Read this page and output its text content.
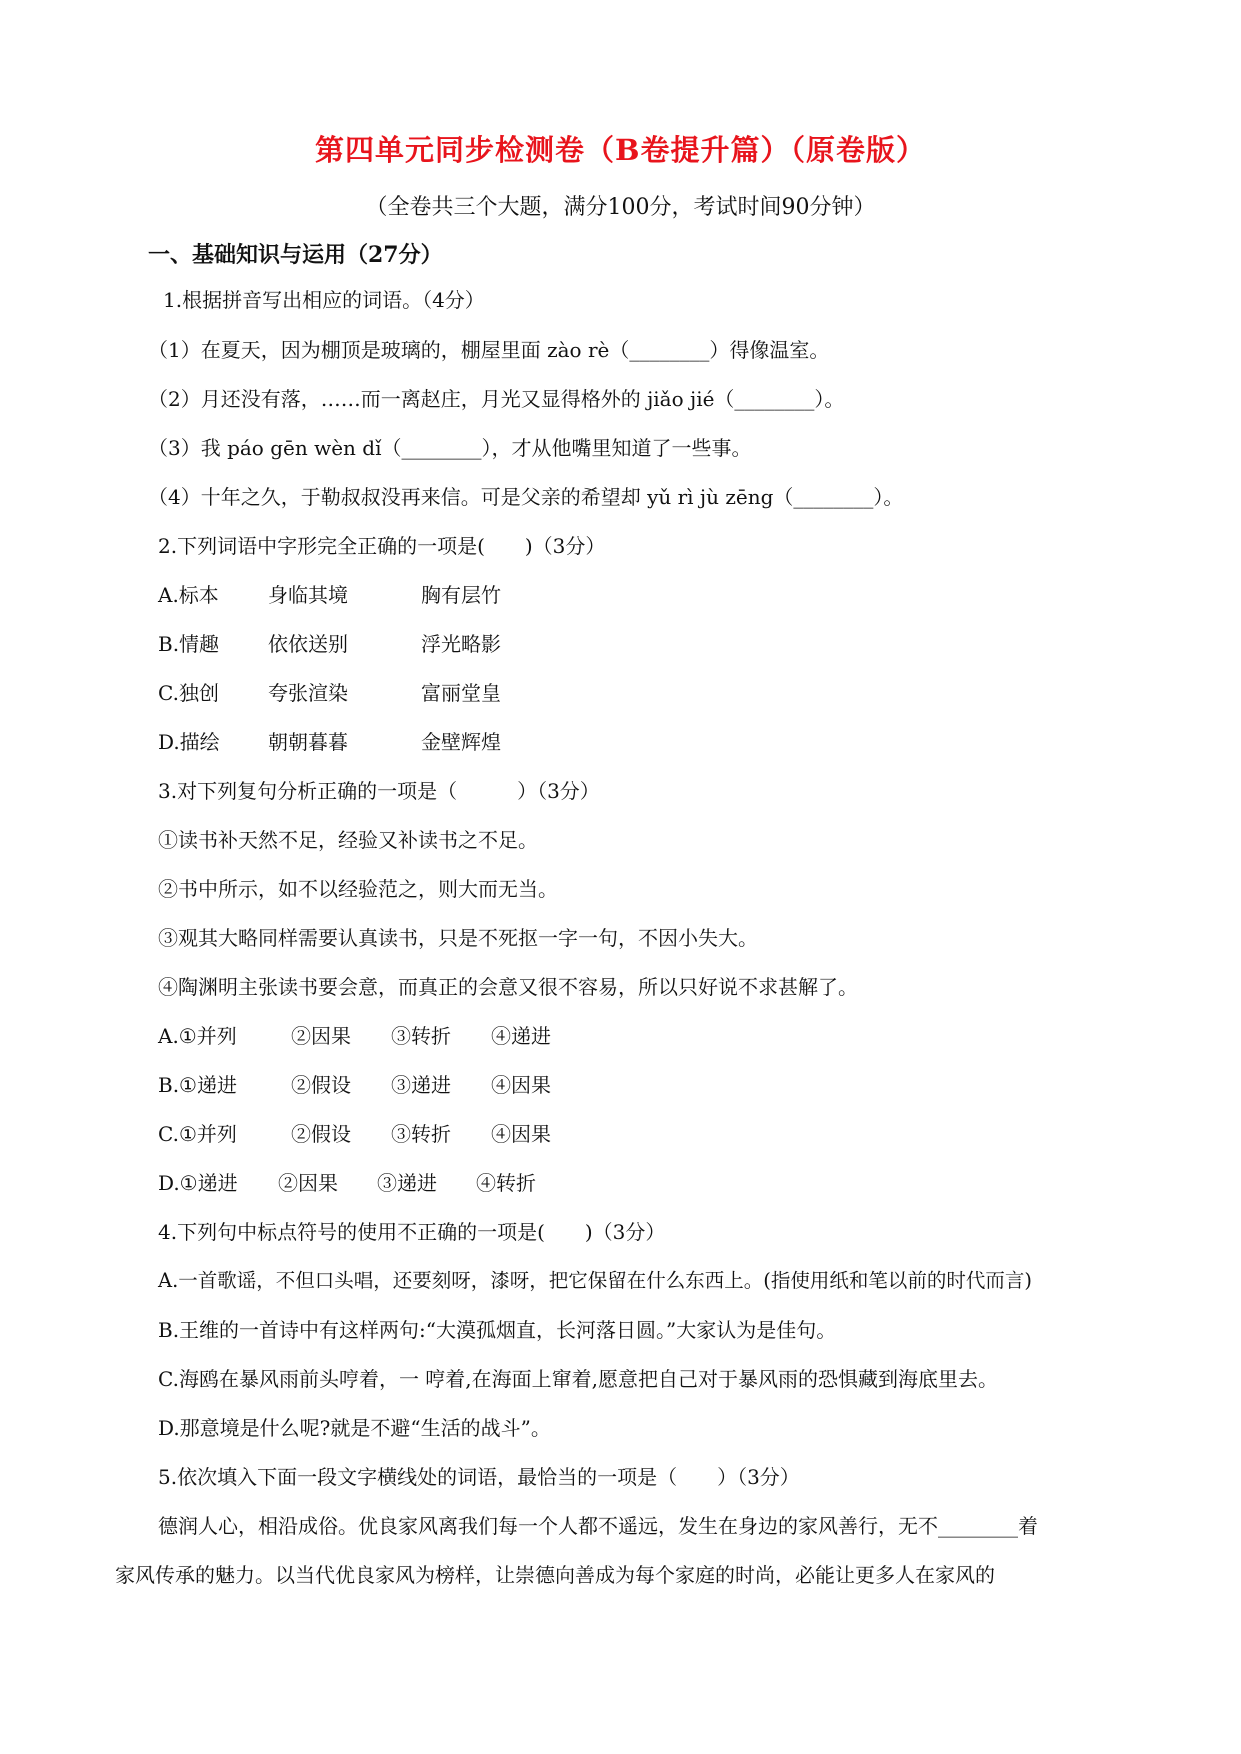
第四单元同步检测卷（B卷提升篇）（原卷版）
（全卷共三个大题，满分100分，考试时间90分钟）
一、基础知识与运用（27分）
1.根据拼音写出相应的词语。（4分）
（1）在夏天，因为棚顶是玻璃的，棚屋里面 zào rè（________）得像温室。
（2）月还没有落，……而一离赵庄，月光又显得格外的 jiǎo jié（________）。
（3）我 páo gēn wèn dǐ（________），才从他嘴里知道了一些事。
（4）十年之久，于勒叔叔没再来信。可是父亲的希望却 yǔ rì jù zēng（________）。
2.下列词语中字形完全正确的一项是(　　)（3分）
A.标本 身临其境	胸有层竹
B.情趣 依依送别	浮光略影
C.独创 夸张渲染	富丽堂皇
D.描绘 朝朝暮暮	金壁辉煌
3.对下列复句分析正确的一项是（　　　）（3分）
①读书补天然不足，经验又补读书之不足。
②书中所示，如不以经验范之，则大而无当。
③观其大略同样需要认真读书，只是不死抠一字一句，不因小失大。
④陶渊明主张读书要会意，而真正的会意又很不容易，所以只好说不求甚解了。
A.①并列	②因果 ③转折 ④递进
B.①递进	②假设 ③递进 ④因果
C.①并列	②假设 ③转折 ④因果
D.①递进 ②因果 ③递进 ④转折
4.下列句中标点符号的使用不正确的一项是(　　)（3分）
A.一首歌谣，不但口头唱，还要刻呀，漆呀，把它保留在什么东西上。(指使用纸和笔以前的时代而言)
B.王维的一首诗中有这样两句:“大漠孤烟直，长河落日圆。”大家认为是佳句。
C.海鸥在暴风雨前头哼着，一 哼着,在海面上窜着,愿意把自己对于暴风雨的恐惧藏到海底里去。
D.那意境是什么呢?就是不避“生活的战斗”。
5.依次填入下面一段文字横线处的词语，最恰当的一项是（　　）（3分）
德润人心，相沿成俗。优良家风离我们每一个人都不遥远，发生在身边的家风善行，无不________着
家风传承的魅力。以当代优良家风为榜样，让崇德向善成为每个家庭的时尚，必能让更多人在家风的
